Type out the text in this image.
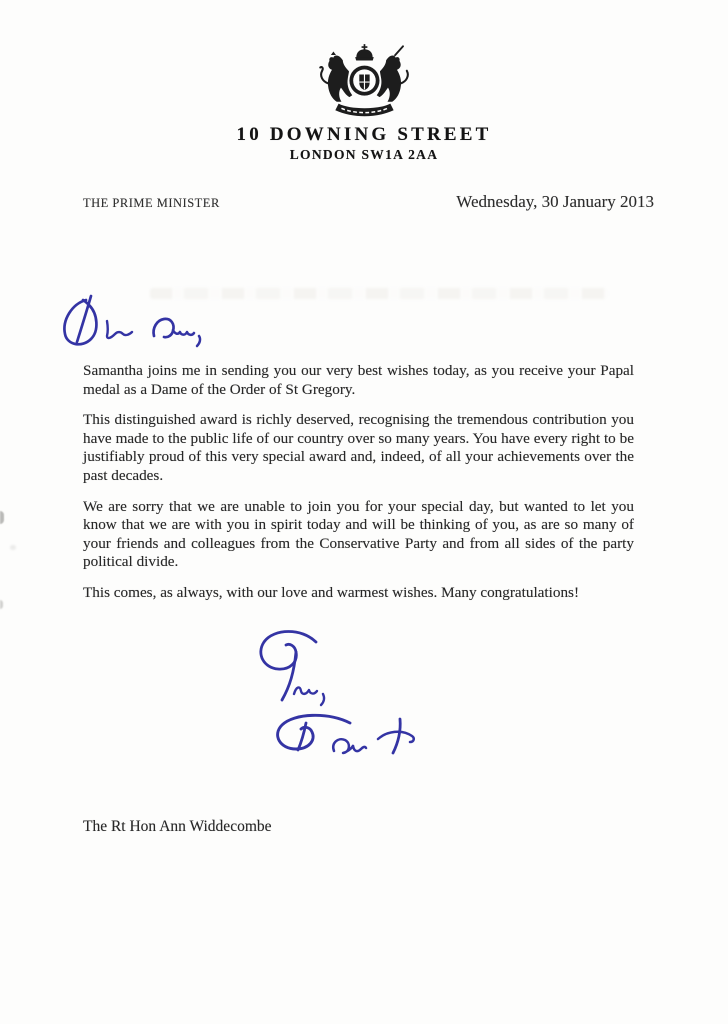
10 DOWNING STREET
LONDON SW1A 2AA
THE PRIME MINISTER	Wednesday, 30 January 2013

Samantha joins me in sending you our very best wishes today, as you receive your Papal medal as a Dame of the Order of St Gregory.

This distinguished award is richly deserved, recognising the tremendous contribution you have made to the public life of our country over so many years. You have every right to be justifiably proud of this very special award and, indeed, of all your achievements over the past decades.

We are sorry that we are unable to join you for your special day, but wanted to let you know that we are with you in spirit today and will be thinking of you, as are so many of your friends and colleagues from the Conservative Party and from all sides of the party political divide.

This comes, as always, with our love and warmest wishes. Many congratulations!

The Rt Hon Ann Widdecombe
